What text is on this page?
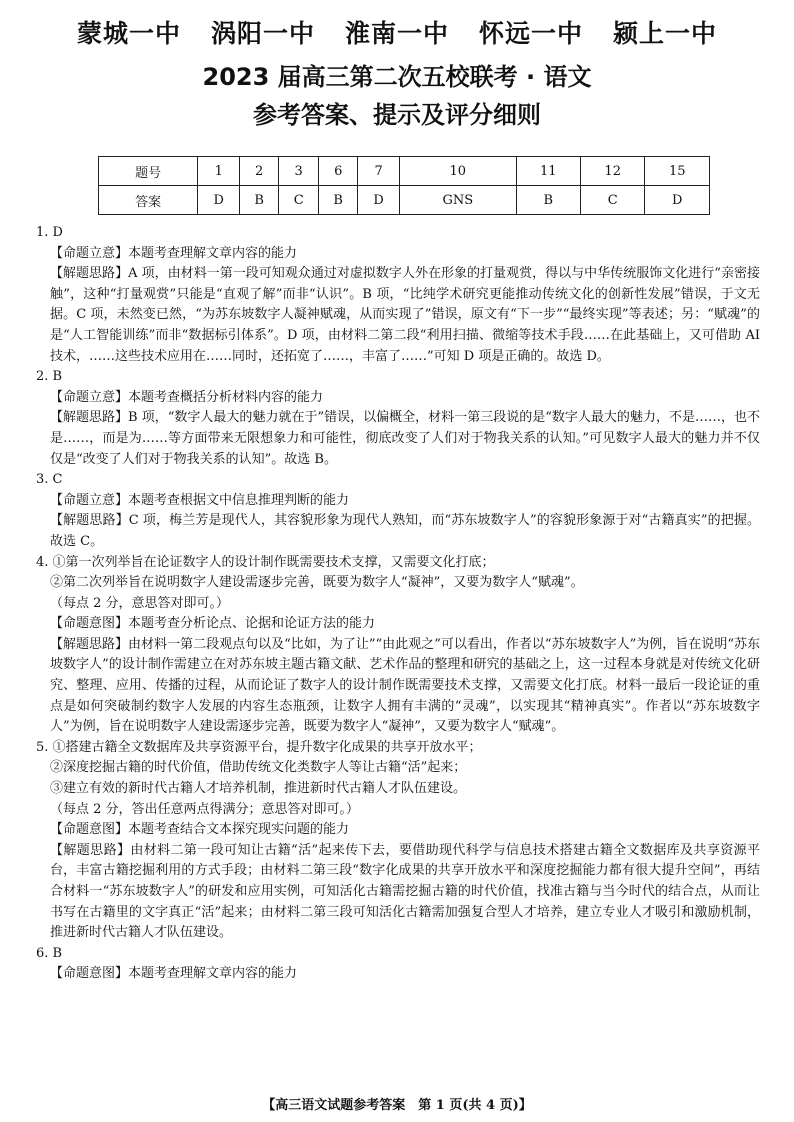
蒙城一中 涡阳一中 淮南一中 怀远一中 颍上一中
2023 届高三第二次五校联考 · 语文
参考答案、提示及评分细则
题号	1	2	3	6	7	10	11	12	15
答案	D	B	C	B	D	GNS	B	C	D

1. D

【命题立意】本题考查理解文章内容的能力

【解题思路】A 项，由材料一第一段可知观众通过对虚拟数字人外在形象的打量观赏，得以与中华传统服饰文化进行“亲密接触”，这种“打量观赏”只能是“直观了解”而非“认识”。B 项，“比纯学术研究更能推动传统文化的创新性发展”错误，于文无据。C 项，未然变已然，“为苏东坡数字人凝神赋魂，从而实现了”错误，原文有“下一步”“最终实现”等表述；另：“赋魂”的是“人工智能训练”而非“数据标引体系”。D 项，由材料二第二段“利用扫描、微缩等技术手段……在此基础上，又可借助 AI 技术，……这些技术应用在……同时，还拓宽了……，丰富了……”可知 D 项是正确的。故选 D。

2. B

【命题立意】本题考查概括分析材料内容的能力

【解题思路】B 项，“数字人最大的魅力就在于”错误，以偏概全，材料一第三段说的是“数字人最大的魅力，不是……，也不是……，而是为……等方面带来无限想象力和可能性，彻底改变了人们对于物我关系的认知。”可见数字人最大的魅力并不仅仅是“改变了人们对于物我关系的认知”。故选 B。

3. C

【命题立意】本题考查根据文中信息推理判断的能力

【解题思路】C 项，梅兰芳是现代人，其容貌形象为现代人熟知，而“苏东坡数字人”的容貌形象源于对“古籍真实”的把握。故选 C。

4. ①第一次列举旨在论证数字人的设计制作既需要技术支撑，又需要文化打底；

②第二次列举旨在说明数字人建设需逐步完善，既要为数字人“凝神”，又要为数字人“赋魂”。

（每点 2 分，意思答对即可。）

【命题意图】本题考查分析论点、论据和论证方法的能力

【解题思路】由材料一第二段观点句以及“比如，为了让”“由此观之”可以看出，作者以“苏东坡数字人”为例，旨在说明“苏东坡数字人”的设计制作需建立在对苏东坡主题古籍文献、艺术作品的整理和研究的基础之上，这一过程本身就是对传统文化研究、整理、应用、传播的过程，从而论证了数字人的设计制作既需要技术支撑，又需要文化打底。材料一最后一段论证的重点是如何突破制约数字人发展的内容生态瓶颈，让数字人拥有丰满的“灵魂”，以实现其“精神真实”。作者以“苏东坡数字人”为例，旨在说明数字人建设需逐步完善，既要为数字人“凝神”，又要为数字人“赋魂”。

5. ①搭建古籍全文数据库及共享资源平台，提升数字化成果的共享开放水平；

②深度挖掘古籍的时代价值，借助传统文化类数字人等让古籍“活”起来；

③建立有效的新时代古籍人才培养机制，推进新时代古籍人才队伍建设。

（每点 2 分，答出任意两点得满分；意思答对即可。）

【命题意图】本题考查结合文本探究现实问题的能力

【解题思路】由材料二第一段可知让古籍“活”起来传下去，要借助现代科学与信息技术搭建古籍全文数据库及共享资源平台，丰富古籍挖掘利用的方式手段；由材料二第三段“数字化成果的共享开放水平和深度挖掘能力都有很大提升空间”，再结合材料一“苏东坡数字人”的研发和应用实例，可知活化古籍需挖掘古籍的时代价值，找准古籍与当今时代的结合点，从而让书写在古籍里的文字真正“活”起来；由材料二第三段可知活化古籍需加强复合型人才培养，建立专业人才吸引和激励机制，推进新时代古籍人才队伍建设。

6. B

【命题意图】本题考查理解文章内容的能力

【高三语文试题参考答案　第 1 页(共 4 页)】
